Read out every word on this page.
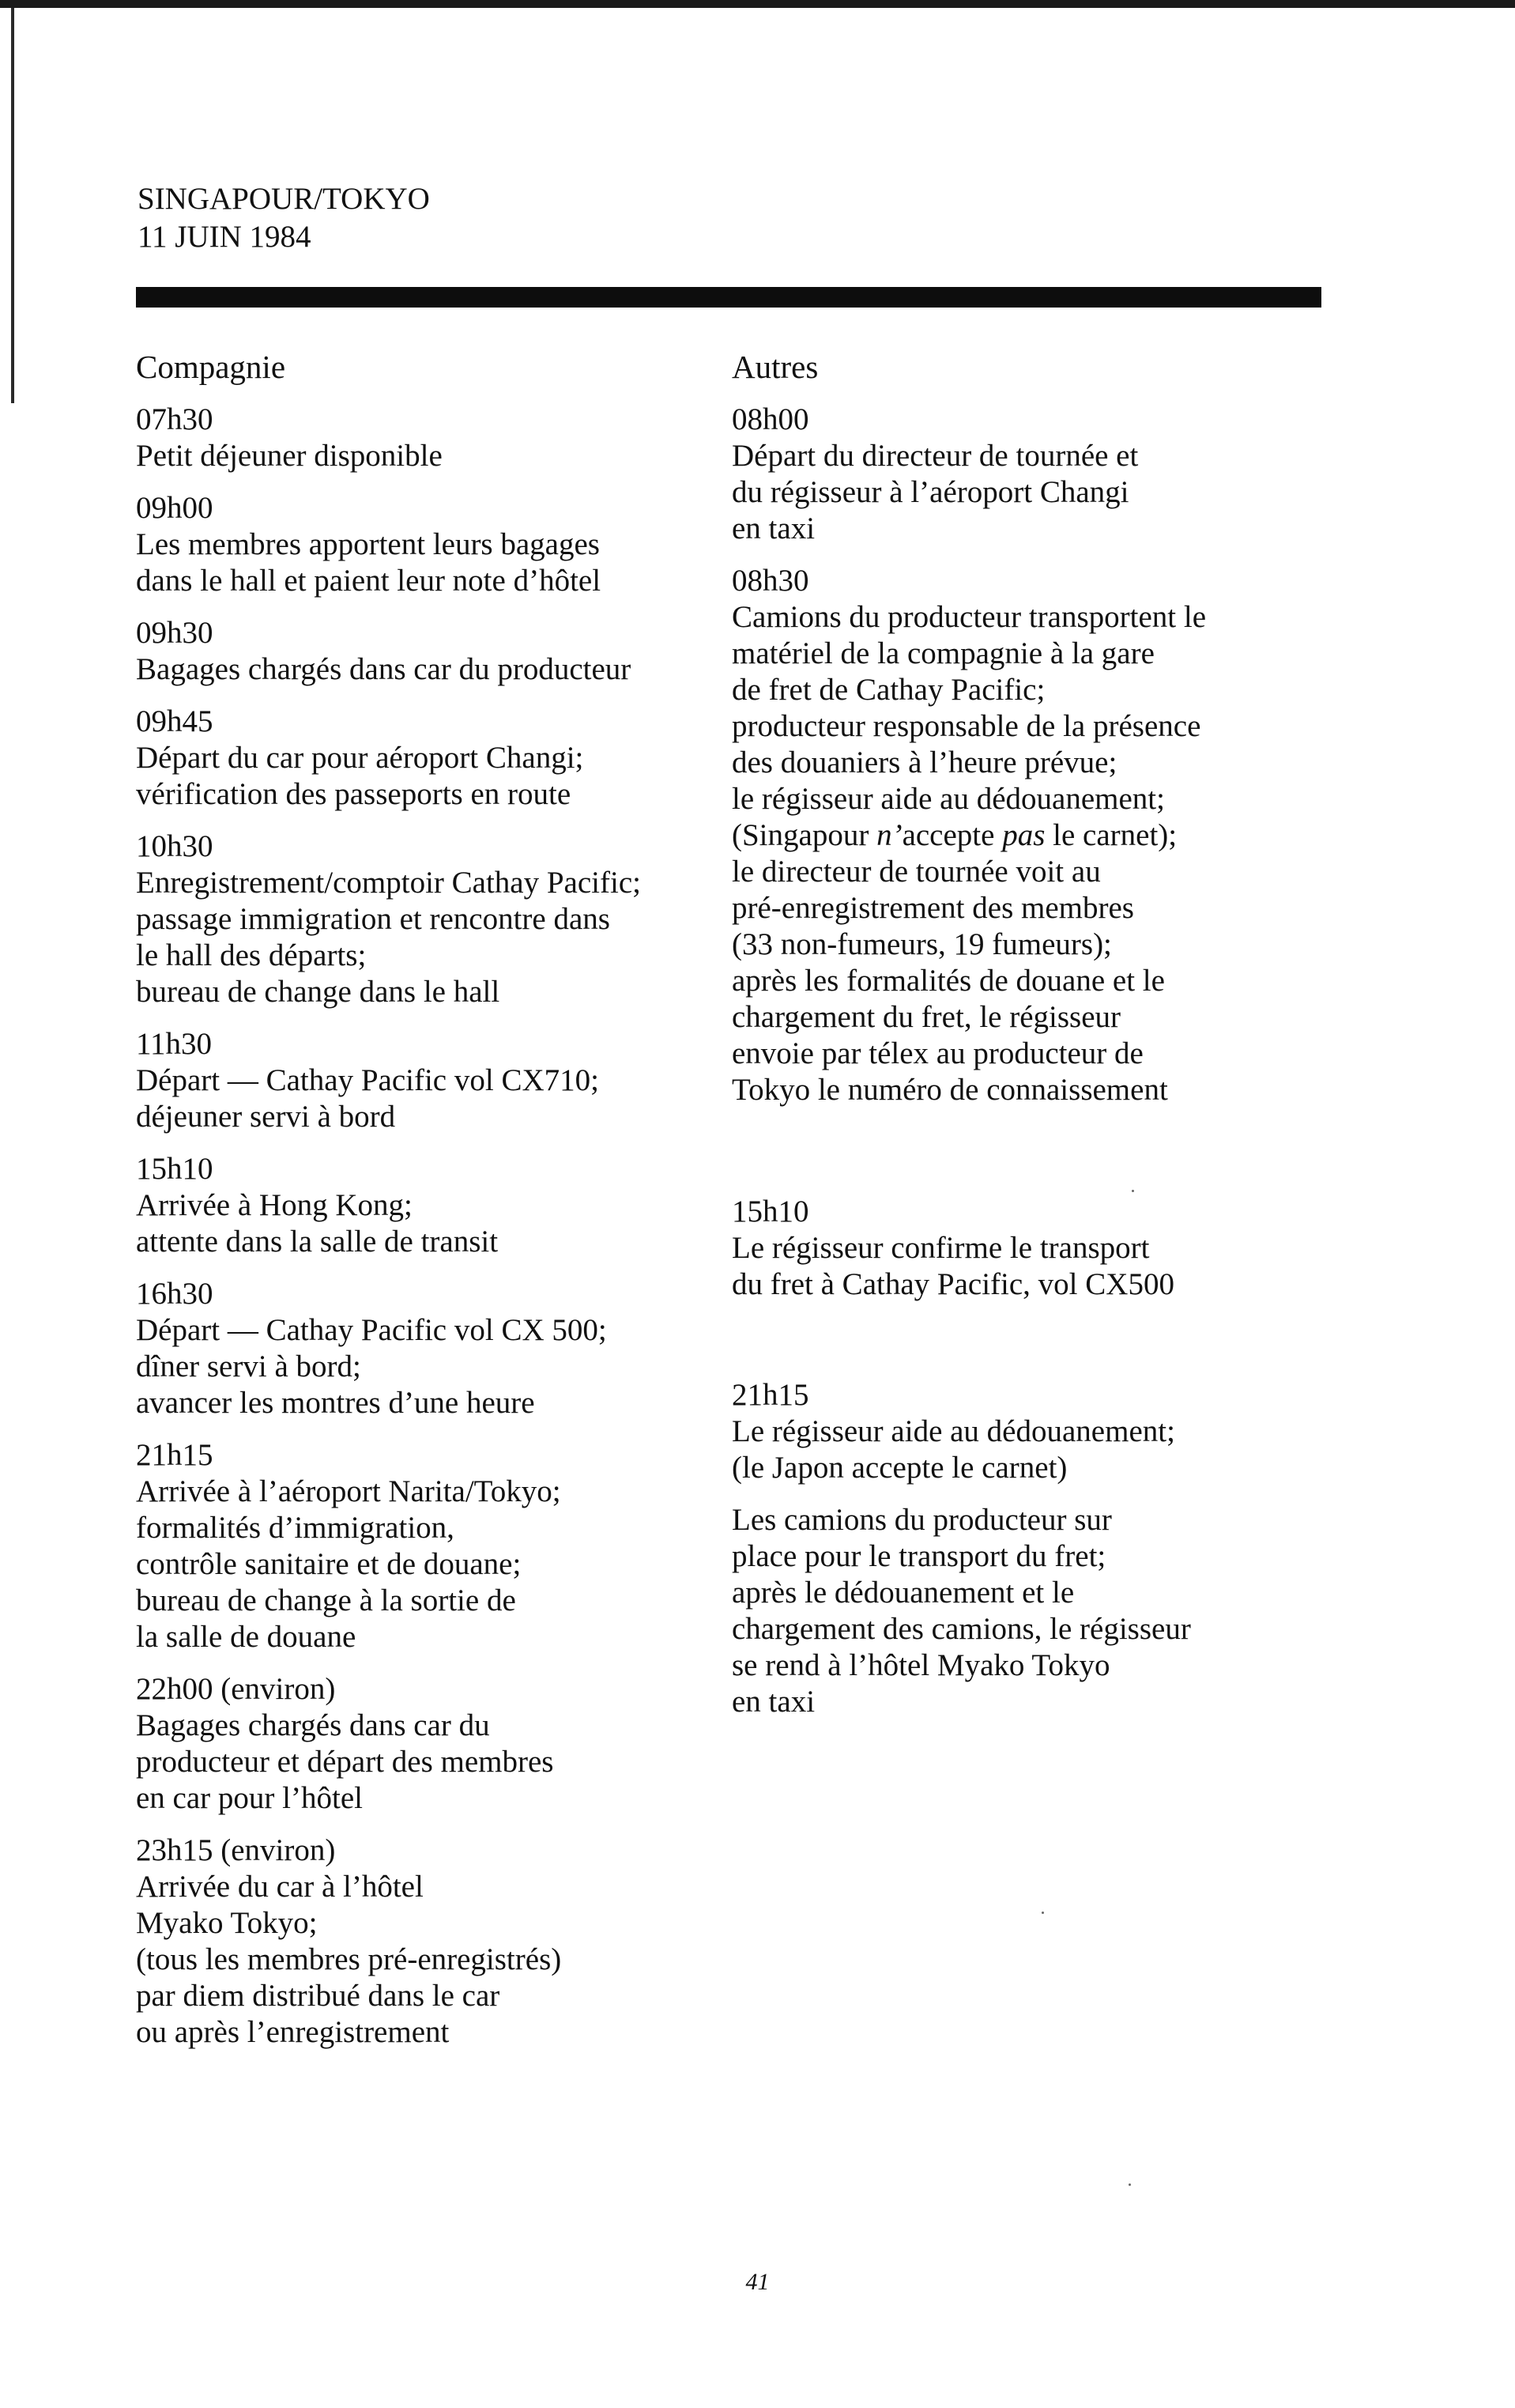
SINGAPOUR/TOKYO
11 JUIN 1984
Compagnie
07h30
Petit déjeuner disponible
09h00
Les membres apportent leurs bagages
dans le hall et paient leur note d’hôtel
09h30
Bagages chargés dans car du producteur
09h45
Départ du car pour aéroport Changi;
vérification des passeports en route
10h30
Enregistrement/comptoir Cathay Pacific;
passage immigration et rencontre dans
le hall des départs;
bureau de change dans le hall
11h30
Départ — Cathay Pacific vol CX710;
déjeuner servi à bord
15h10
Arrivée à Hong Kong;
attente dans la salle de transit
16h30
Départ — Cathay Pacific vol CX 500;
dîner servi à bord;
avancer les montres d’une heure
21h15
Arrivée à l’aéroport Narita/Tokyo;
formalités d’immigration,
contrôle sanitaire et de douane;
bureau de change à la sortie de
la salle de douane
22h00 (environ)
Bagages chargés dans car du
producteur et départ des membres
en car pour l’hôtel
23h15 (environ)
Arrivée du car à l’hôtel
Myako Tokyo;
(tous les membres pré-enregistrés)
par diem distribué dans le car
ou après l’enregistrement
Autres
08h00
Départ du directeur de tournée et
du régisseur à l’aéroport Changi
en taxi
08h30
Camions du producteur transportent le
matériel de la compagnie à la gare
de fret de Cathay Pacific;
producteur responsable de la présence
des douaniers à l’heure prévue;
le régisseur aide au dédouanement;
(Singapour n’accepte pas le carnet);
le directeur de tournée voit au
pré-enregistrement des membres
(33 non-fumeurs, 19 fumeurs);
après les formalités de douane et le
chargement du fret, le régisseur
envoie par télex au producteur de
Tokyo le numéro de connaissement
15h10
Le régisseur confirme le transport
du fret à Cathay Pacific, vol CX500
21h15
Le régisseur aide au dédouanement;
(le Japon accepte le carnet)
Les camions du producteur sur
place pour le transport du fret;
après le dédouanement et le
chargement des camions, le régisseur
se rend à l’hôtel Myako Tokyo
en taxi
41
